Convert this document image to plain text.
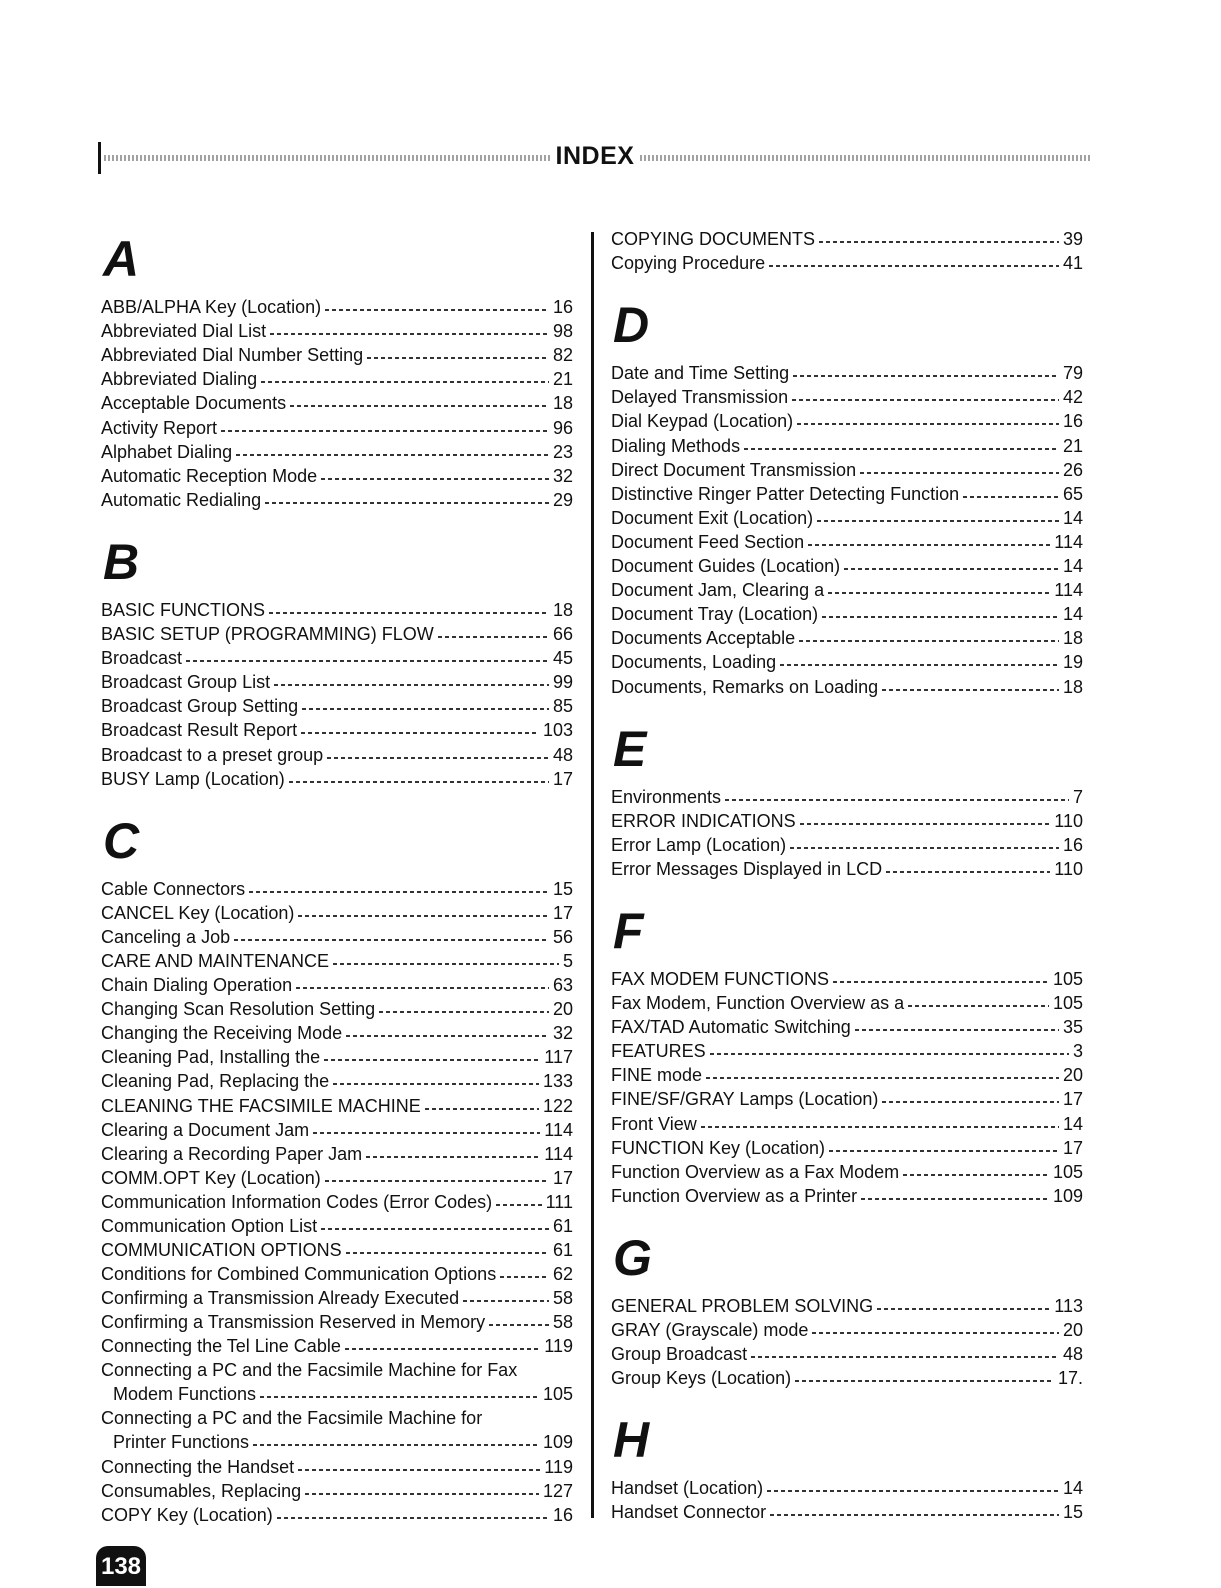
INDEX
A
ABB/ALPHA Key (Location)	16
Abbreviated Dial List	98
Abbreviated Dial Number Setting	82
Abbreviated Dialing	21
Acceptable Documents	18
Activity Report	96
Alphabet Dialing	23
Automatic Reception Mode	32
Automatic Redialing	29
B
BASIC FUNCTIONS	18
BASIC SETUP (PROGRAMMING) FLOW	66
Broadcast	45
Broadcast Group List	99
Broadcast Group Setting	85
Broadcast Result Report	103
Broadcast to a preset group	48
BUSY Lamp (Location)	17
C
Cable Connectors	15
CANCEL Key (Location)	17
Canceling a Job	56
CARE AND MAINTENANCE	5
Chain Dialing Operation	63
Changing Scan Resolution Setting	20
Changing the Receiving Mode	32
Cleaning Pad, Installing the	117
Cleaning Pad, Replacing the	133
CLEANING THE FACSIMILE MACHINE	122
Clearing a Document Jam	114
Clearing a Recording Paper Jam	114
COMM.OPT Key (Location)	17
Communication Information Codes (Error Codes)	111
Communication Option List	61
COMMUNICATION OPTIONS	61
Conditions for Combined Communication Options	62
Confirming a Transmission Already Executed	58
Confirming a Transmission Reserved in Memory	58
Connecting the Tel Line Cable	119
Connecting a PC and the Facsimile Machine for Fax
Modem Functions	105
Connecting a PC and the Facsimile Machine for
Printer Functions	109
Connecting the Handset	119
Consumables, Replacing	127
COPY Key (Location)	16
COPYING DOCUMENTS	39
Copying Procedure	41
D
Date and Time Setting	79
Delayed Transmission	42
Dial Keypad (Location)	16
Dialing Methods	21
Direct Document Transmission	26
Distinctive Ringer Patter Detecting Function	65
Document Exit (Location)	14
Document Feed Section	114
Document Guides (Location)	14
Document Jam, Clearing a	114
Document Tray (Location)	14
Documents Acceptable	18
Documents, Loading	19
Documents, Remarks on Loading	18
E
Environments	7
ERROR INDICATIONS	110
Error Lamp (Location)	16
Error Messages Displayed in LCD	110
F
FAX MODEM FUNCTIONS	105
Fax Modem, Function Overview as a	105
FAX/TAD Automatic Switching	35
FEATURES	3
FINE mode	20
FINE/SF/GRAY Lamps (Location)	17
Front View	14
FUNCTION Key (Location)	17
Function Overview as a Fax Modem	105
Function Overview as a Printer	109
G
GENERAL PROBLEM SOLVING	113
GRAY (Grayscale) mode	20
Group Broadcast	48
Group Keys (Location)	17.
H
Handset (Location)	14
Handset Connector	15
138
